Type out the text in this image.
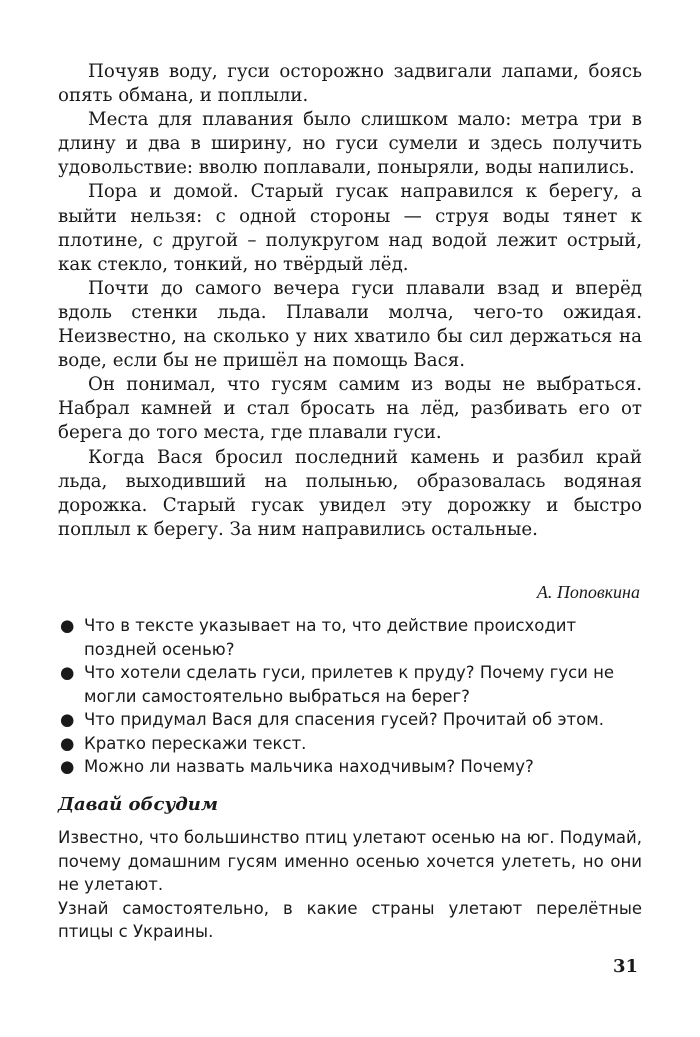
Почуяв воду, гуси осторожно задвигали лапами, боясь опять обмана, и поплыли.

Места для плавания было слишком мало: метра три в длину и два в ширину, но гуси сумели и здесь получить удовольствие: вволю поплавали, поныряли, воды напились.

Пора и домой. Старый гусак направился к берегу, а выйти нельзя: с одной стороны — струя воды тянет к плотине, с другой – полукругом над водой лежит острый, как стекло, тонкий, но твёрдый лёд.

Почти до самого вечера гуси плавали взад и вперёд вдоль стенки льда. Плавали молча, чего-то ожидая. Неизвестно, на сколько у них хватило бы сил держаться на воде, если бы не пришёл на помощь Вася.

Он понимал, что гусям самим из воды не выбраться. Набрал камней и стал бросать на лёд, разбивать его от берега до того места, где плавали гуси.

Когда Вася бросил последний камень и разбил край льда, выходивший на полынью, образовалась водяная дорожка. Старый гусак увидел эту дорожку и быстро поплыл к берегу. За ним направились остальные.

А. Поповкина
● Что в тексте указывает на то, что действие происходит поздней осенью?
● Что хотели сделать гуси, прилетев к пруду? Почему гуси не могли самостоятельно выбраться на берег?
● Что придумал Вася для спасения гусей? Прочитай об этом.
● Кратко перескажи текст.
● Можно ли назвать мальчика находчивым? Почему?
Давай обсудим

Известно, что большинство птиц улетают осенью на юг. Подумай, почему домашним гусям именно осенью хочется улететь, но они не улетают.

Узнай самостоятельно, в какие страны улетают перелётные птицы с Украины.

31
